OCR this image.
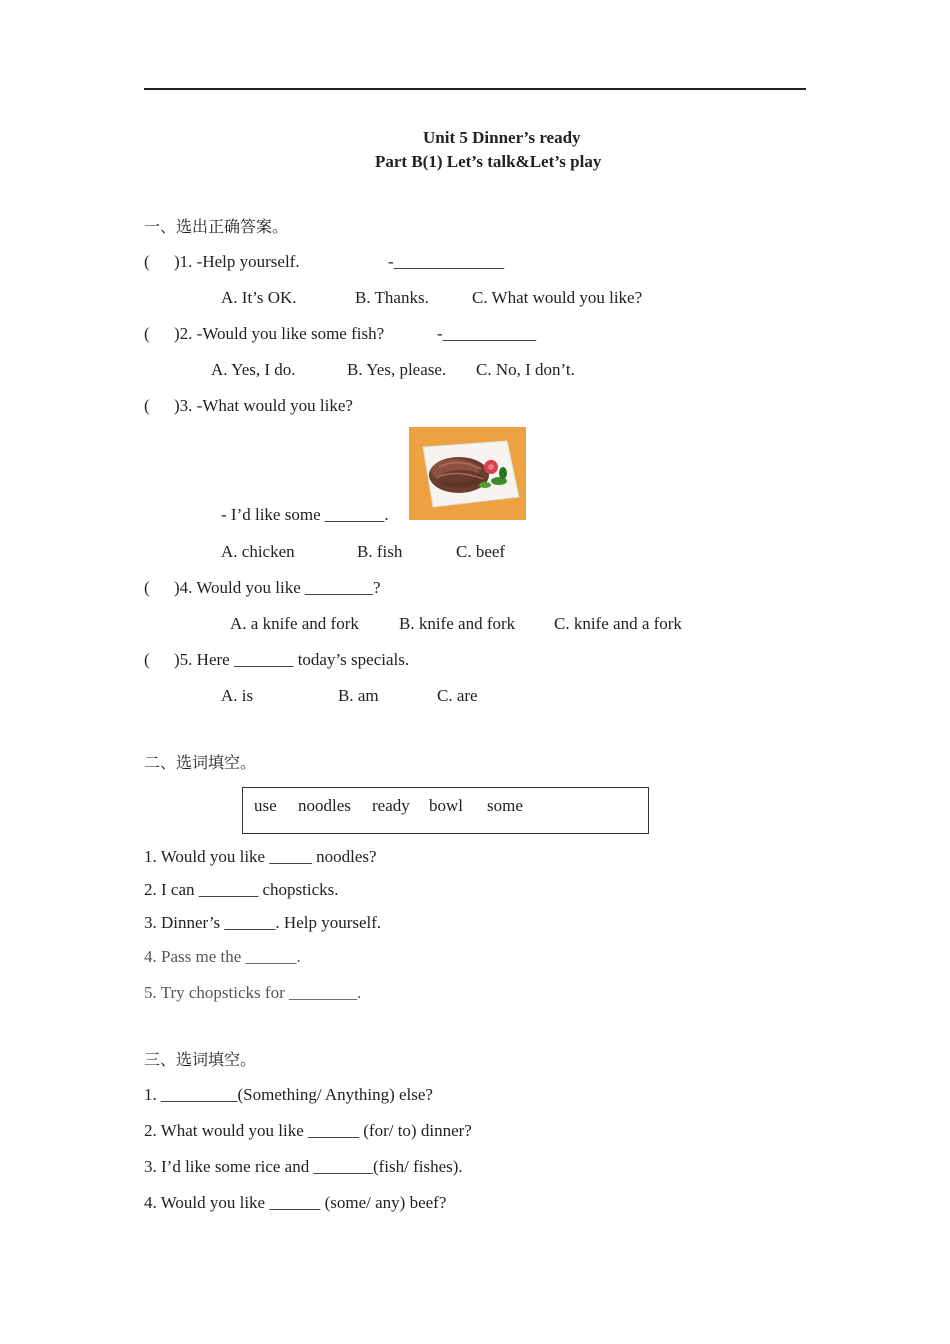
Unit 5 Dinner’s ready
Part B(1) Let’s talk&Let’s play
一、选出正确答案。
( )1. -Help yourself.	-_____________
A. It’s OK.	B. Thanks.	C. What would you like?
( )2. -Would you like some fish?	-___________
A. Yes, I do.	B. Yes, please. C. No, I don’t.
( )3. -What would you like?
- I’d like some _______.
A. chicken	B. fish	C. beef
( )4. Would you like ________?
A. a knife and fork B. knife and fork C. knife and a fork
( )5. Here _______ today’s specials.
A. is	B. am	C. are
二、选词填空。
use noodles ready bowl some
1. Would you like _____ noodles?
2. I can _______ chopsticks.
3. Dinner’s ______. Help yourself.
4. Pass me the ______.
5. Try chopsticks for ________.
三、选词填空。
1. _________(Something/ Anything) else?
2. What would you like ______ (for/ to) dinner?
3. I’d like some rice and _______(fish/ fishes).
4. Would you like ______ (some/ any) beef?
